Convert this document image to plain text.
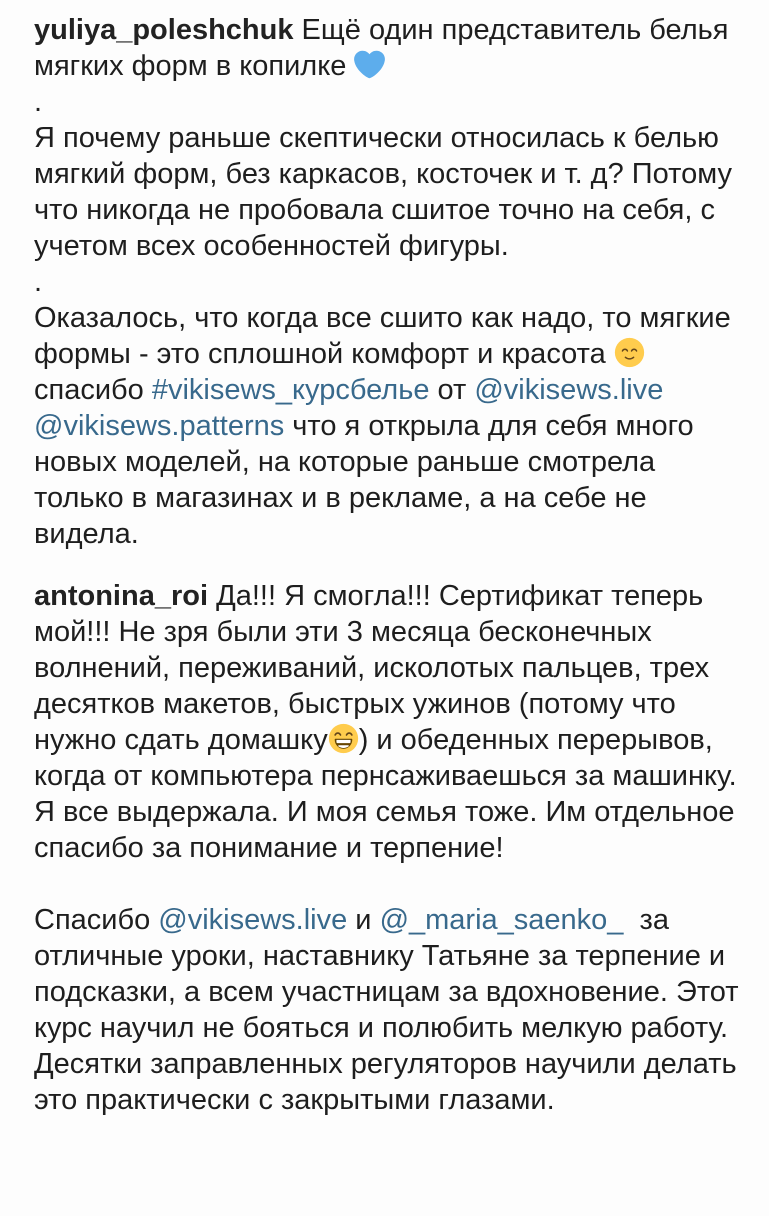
yuliya_poleshchuk Ещё один представитель белья мягких форм в копилке

.

Я почему раньше скептически относилась к белью мягкий форм, без каркасов, косточек и т. д? Потому что никогда не пробовала сшитое точно на себя, с учетом всех особенностей фигуры.

.

Оказалось, что когда все сшито как надо, то мягкие формы - это сплошной комфорт и красота
спасибо #vikisews_курсбелье от @vikisews.live @vikisews.patterns что я открыла для себя много новых моделей, на которые раньше смотрела только в магазинах и в рекламе, а на себе не видела.

antonina_roi Да!!! Я смогла!!! Сертификат теперь мой!!! Не зря были эти 3 месяца бесконечных волнений, переживаний, исколотых пальцев, трех десятков макетов, быстрых ужинов (потому что нужно сдать домашку ) и обеденных перерывов, когда от компьютера пернсаживаешься за машинку. Я все выдержала. И моя семья тоже. Им отдельное спасибо за понимание и терпение!

Спасибо @vikisews.live и @_maria_saenko_  за отличные уроки, наставнику Татьяне за терпение и подсказки, а всем участницам за вдохновение. Этот курс научил не бояться и полюбить мелкую работу. Десятки заправленных регуляторов научили делать это практически с закрытыми глазами.
